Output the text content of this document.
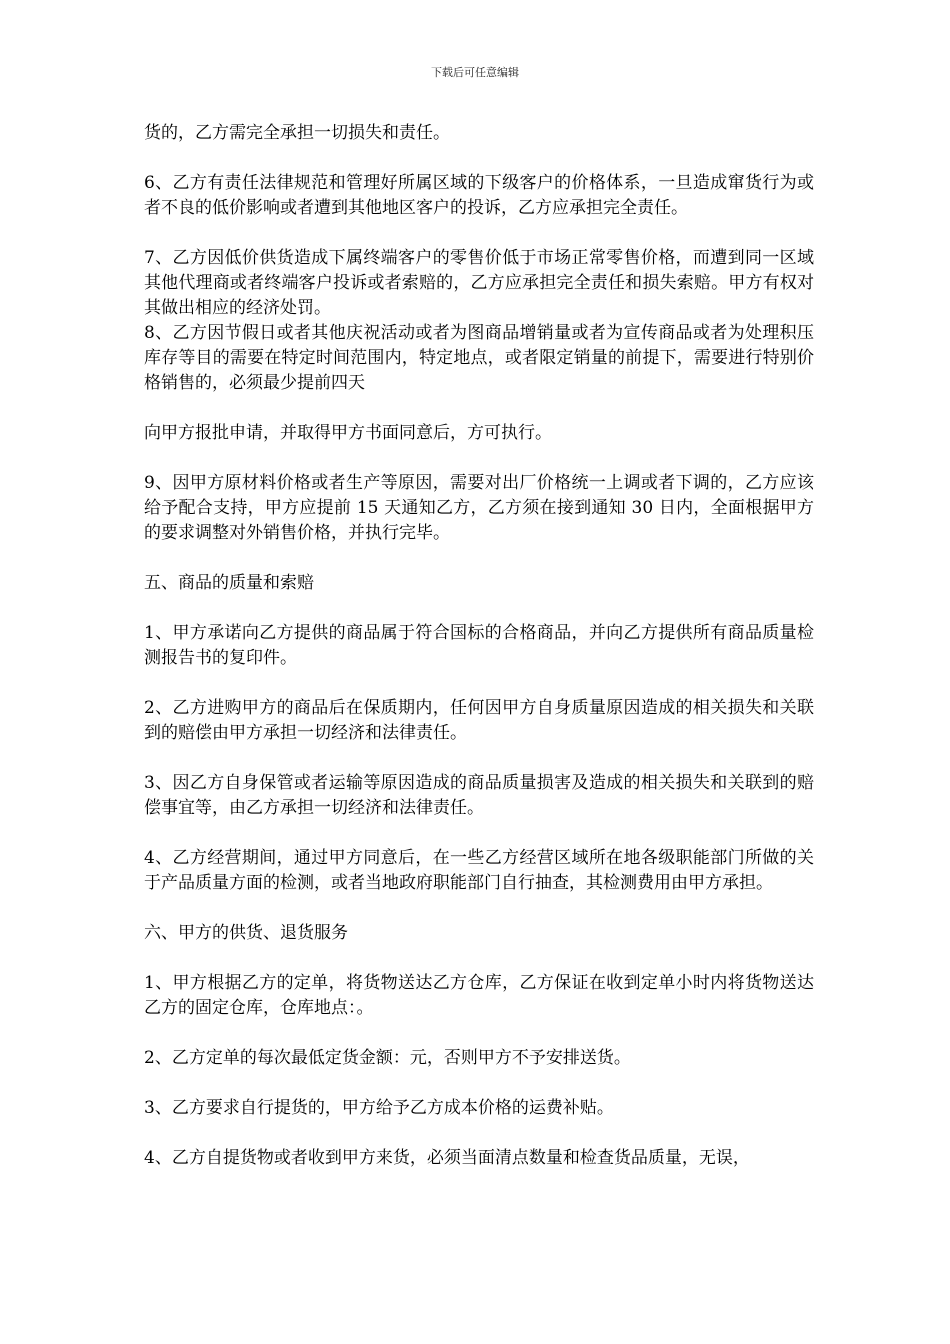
下载后可任意编辑

货的，乙方需完全承担一切损失和责任。

6、乙方有责任法律规范和管理好所属区域的下级客户的价格体系，一旦造成窜货行为或者不良的低价影响或者遭到其他地区客户的投诉，乙方应承担完全责任。

7、乙方因低价供货造成下属终端客户的零售价低于市场正常零售价格，而遭到同一区域其他代理商或者终端客户投诉或者索赔的，乙方应承担完全责任和损失索赔。甲方有权对其做出相应的经济处罚。

8、乙方因节假日或者其他庆祝活动或者为图商品增销量或者为宣传商品或者为处理积压库存等目的需要在特定时间范围内，特定地点，或者限定销量的前提下，需要进行特别价格销售的，必须最少提前四天

向甲方报批申请，并取得甲方书面同意后，方可执行。

9、因甲方原材料价格或者生产等原因，需要对出厂价格统一上调或者下调的，乙方应该给予配合支持，甲方应提前 15 天通知乙方，乙方须在接到通知 30 日内，全面根据甲方的要求调整对外销售价格，并执行完毕。

五、商品的质量和索赔

1、甲方承诺向乙方提供的商品属于符合国标的合格商品，并向乙方提供所有商品质量检测报告书的复印件。

2、乙方进购甲方的商品后在保质期内，任何因甲方自身质量原因造成的相关损失和关联到的赔偿由甲方承担一切经济和法律责任。

3、因乙方自身保管或者运输等原因造成的商品质量损害及造成的相关损失和关联到的赔偿事宜等，由乙方承担一切经济和法律责任。

4、乙方经营期间，通过甲方同意后，在一些乙方经营区域所在地各级职能部门所做的关于产品质量方面的检测，或者当地政府职能部门自行抽查，其检测费用由甲方承担。

六、甲方的供货、退货服务

1、甲方根据乙方的定单，将货物送达乙方仓库，乙方保证在收到定单小时内将货物送达乙方的固定仓库，仓库地点：。

2、乙方定单的每次最低定货金额：元，否则甲方不予安排送货。

3、乙方要求自行提货的，甲方给予乙方成本价格的运费补贴。

4、乙方自提货物或者收到甲方来货，必须当面清点数量和检查货品质量，无误，
